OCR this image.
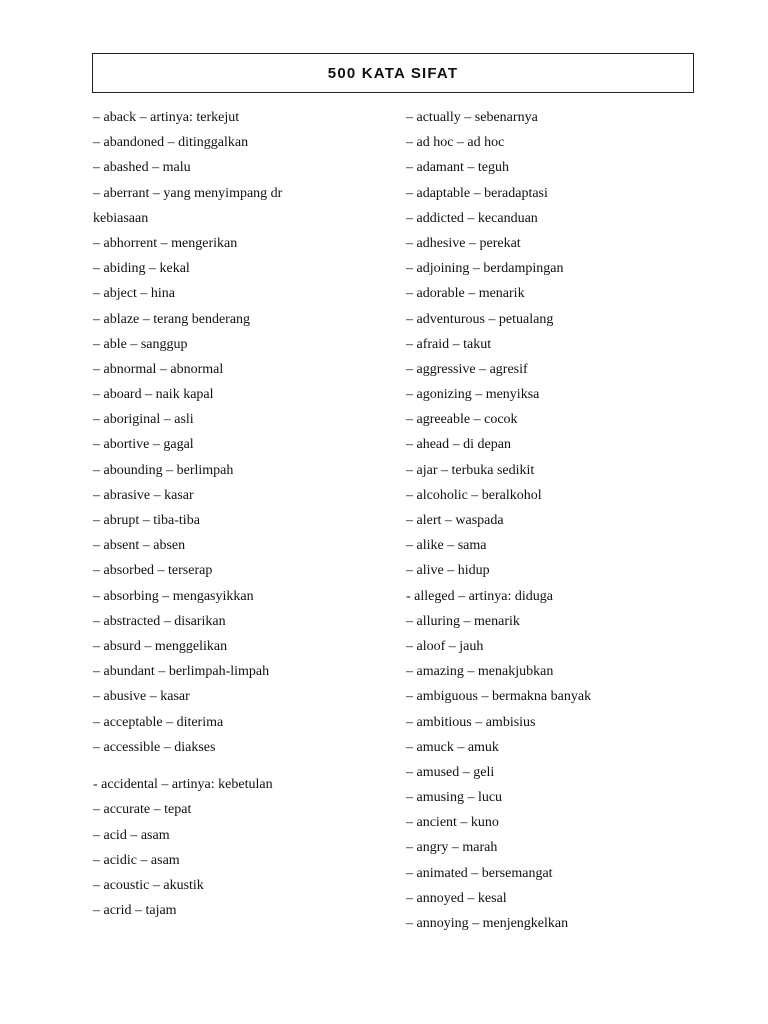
500 KATA SIFAT
– aback – artinya: terkejut
– abandoned – ditinggalkan
– abashed – malu
– aberrant – yang menyimpang dr
kebiasaan
– abhorrent – mengerikan
– abiding – kekal
– abject – hina
– ablaze – terang benderang
– able – sanggup
– abnormal – abnormal
– aboard – naik kapal
– aboriginal – asli
– abortive – gagal
– abounding – berlimpah
– abrasive – kasar
– abrupt – tiba-tiba
– absent – absen
– absorbed – terserap
– absorbing – mengasyikkan
– abstracted – disarikan
– absurd – menggelikan
– abundant – berlimpah-limpah
– abusive – kasar
– acceptable – diterima
– accessible – diakses
- accidental – artinya: kebetulan
– accurate – tepat
– acid – asam
– acidic – asam
– acoustic – akustik
– acrid – tajam
– actually – sebenarnya
– ad hoc – ad hoc
– adamant – teguh
– adaptable – beradaptasi
– addicted – kecanduan
– adhesive – perekat
– adjoining – berdampingan
– adorable – menarik
– adventurous – petualang
– afraid – takut
– aggressive – agresif
– agonizing – menyiksa
– agreeable – cocok
– ahead – di depan
– ajar – terbuka sedikit
– alcoholic – beralkohol
– alert – waspada
– alike – sama
– alive – hidup
- alleged – artinya: diduga
– alluring – menarik
– aloof – jauh
– amazing – menakjubkan
– ambiguous – bermakna banyak
– ambitious – ambisius
– amuck – amuk
– amused – geli
– amusing – lucu
– ancient – kuno
– angry – marah
– animated – bersemangat
– annoyed – kesal
– annoying – menjengkelkan
